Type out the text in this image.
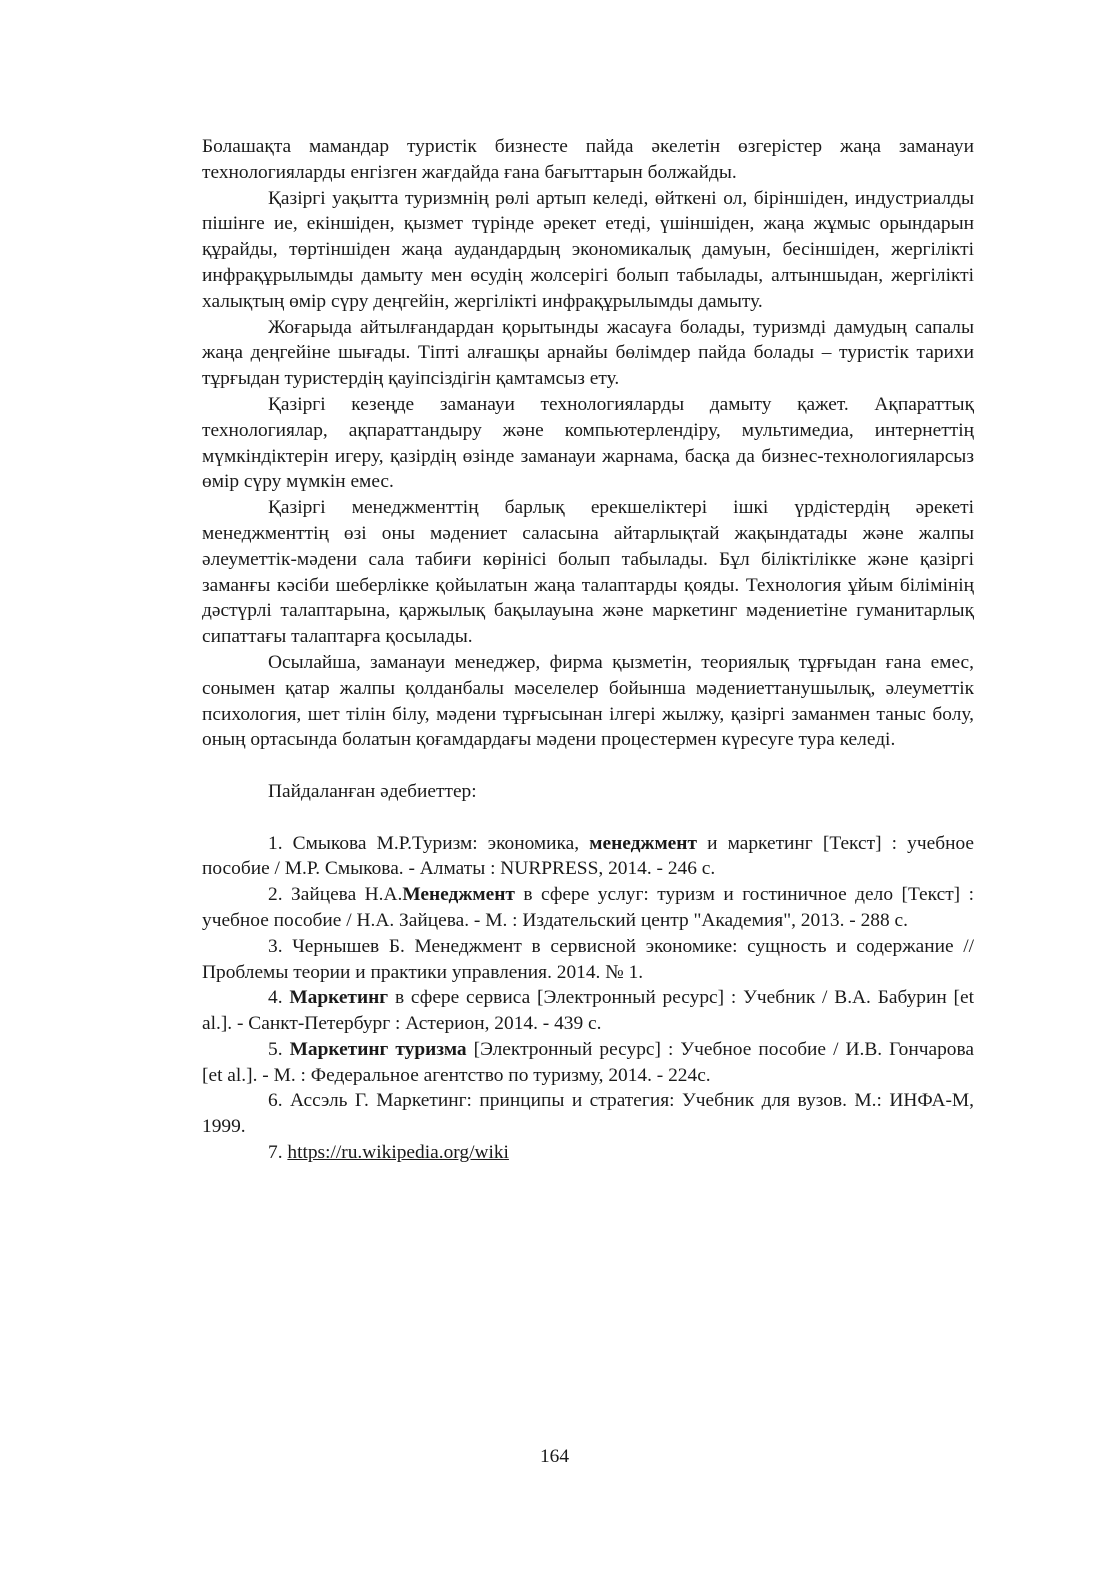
Болашақта мамандар туристік бизнесте пайда әкелетін өзгерістер жаңа заманауи технологияларды енгізген жағдайда ғана бағыттарын болжайды.

Қазіргі уақытта туризмнің рөлі артып келеді, өйткені ол, біріншіден, индустриалды пішінге ие, екіншіден, қызмет түрінде әрекет етеді, үшіншіден, жаңа жұмыс орындарын құрайды, төртіншіден жаңа аудандардың экономикалық дамуын, бесіншіден, жергілікті инфрақұрылымды дамыту мен өсудің жолсерігі болып табылады, алтыншыдан, жергілікті халықтың өмір сүру деңгейін, жергілікті инфрақұрылымды дамыту.

Жоғарыда айтылғандардан қорытынды жасауға болады, туризмді дамудың сапалы жаңа деңгейіне шығады. Тіпті алғашқы арнайы бөлімдер пайда болады – туристік тарихи тұрғыдан туристердің қауіпсіздігін қамтамсыз ету.

Қазіргі кезеңде заманауи технологияларды дамыту қажет. Ақпараттық технологиялар, ақпараттандыру және компьютерлендіру, мультимедиа, интернеттің мүмкіндіктерін игеру, қазірдің өзінде заманауи жарнама, басқа да бизнес-технологияларсыз өмір сүру мүмкін емес.

Қазіргі менеджменттің барлық ерекшеліктері ішкі үрдістердің әрекеті менеджменттің өзі оны мәдениет саласына айтарлықтай жақындатады және жалпы әлеуметтік-мәдени сала табиғи көрінісі болып табылады. Бұл біліктілікке және қазіргі заманғы кәсіби шеберлікке қойылатын жаңа талаптарды қояды. Технология ұйым білімінің дәстүрлі талаптарына, қаржылық бақылауына және маркетинг мәдениетіне гуманитарлық сипаттағы талаптарға қосылады.

Осылайша, заманауи менеджер, фирма қызметін, теориялық тұрғыдан ғана емес, сонымен қатар жалпы қолданбалы мәселелер бойынша мәдениеттанушылық, әлеуметтік психология, шет тілін білу, мәдени тұрғысынан ілгері жылжу, қазіргі заманмен таныс болу, оның ортасында болатын қоғамдардағы мәдени процестермен күресуге тура келеді.

Пайдаланған әдебиеттер:

1. Смыкова М.Р.Туризм: экономика, менеджмент и маркетинг [Текст] : учебное пособие / М.Р. Смыкова. - Алматы : NURPRESS, 2014. - 246 с.

2. Зайцева Н.А.Менеджмент в сфере услуг: туризм и гостиничное дело [Текст] : учебное пособие / Н.А. Зайцева. - М. : Издательский центр "Академия", 2013. - 288 с.

3. Чернышев Б. Менеджмент в сервисной экономике: сущность и содержание // Проблемы теории и практики управления. 2014. № 1.

4. Маркетинг в сфере сервиса [Электронный ресурс] : Учебник / В.А. Бабурин [et al.]. - Санкт-Петербург : Астерион, 2014. - 439 с.

5. Маркетинг туризма [Электронный ресурс] : Учебное пособие / И.В. Гончарова [et al.]. - М. : Федеральное агентство по туризму, 2014. - 224с.

6. Ассэль Г. Маркетинг: принципы и стратегия: Учебник для вузов. М.: ИНФА-М, 1999.

7. https://ru.wikipedia.org/wiki

164
